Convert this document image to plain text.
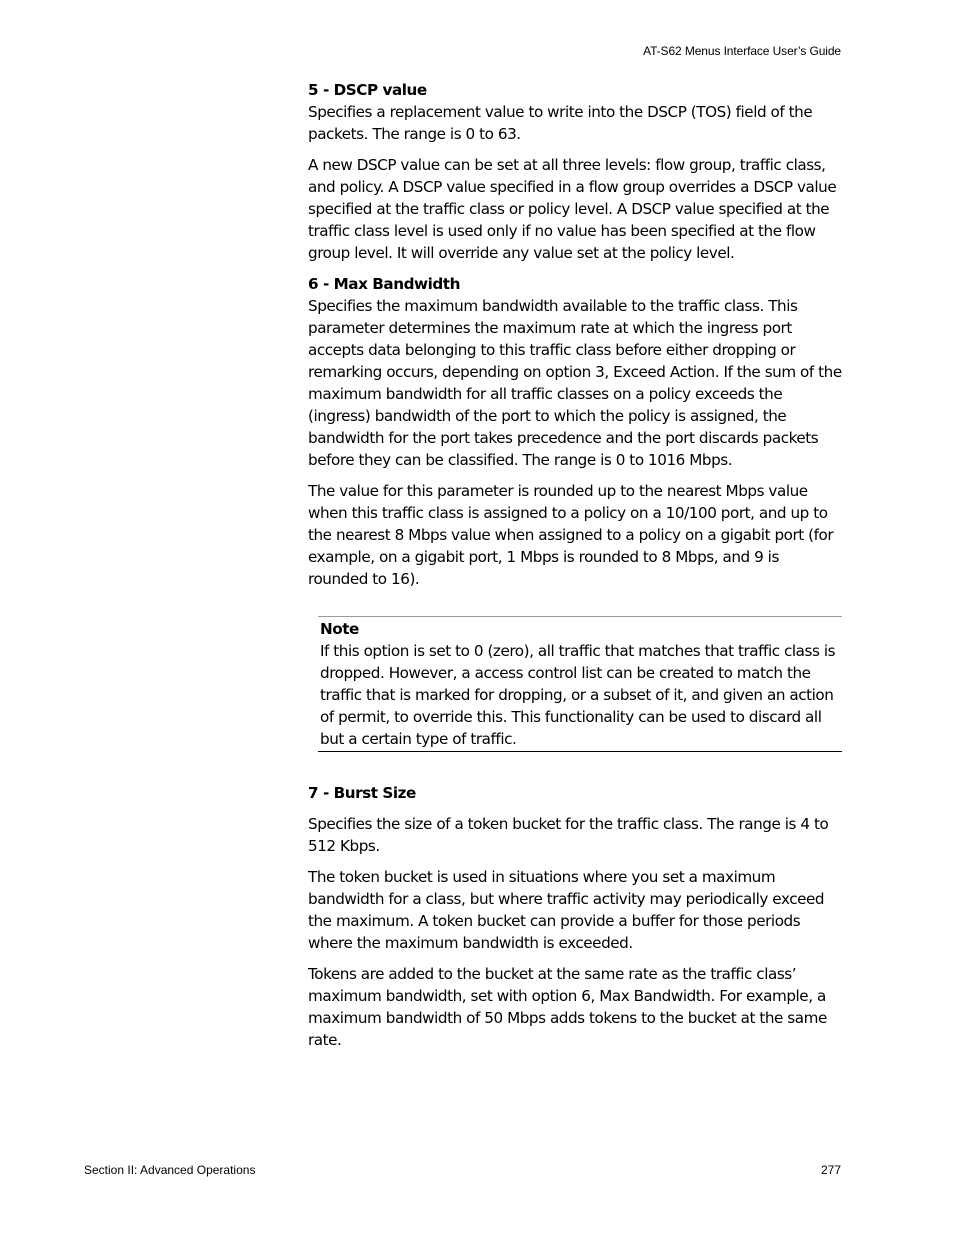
AT-S62 Menus Interface User’s Guide
5 - DSCP value

Specifies a replacement value to write into the DSCP (TOS) field of the packets. The range is 0 to 63.

A new DSCP value can be set at all three levels: flow group, traffic class, and policy. A DSCP value specified in a flow group overrides a DSCP value specified at the traffic class or policy level. A DSCP value specified at the traffic class level is used only if no value has been specified at the flow group level. It will override any value set at the policy level.

6 - Max Bandwidth

Specifies the maximum bandwidth available to the traffic class. This parameter determines the maximum rate at which the ingress port accepts data belonging to this traffic class before either dropping or remarking occurs, depending on option 3, Exceed Action. If the sum of the maximum bandwidth for all traffic classes on a policy exceeds the (ingress) bandwidth of the port to which the policy is assigned, the bandwidth for the port takes precedence and the port discards packets before they can be classified. The range is 0 to 1016 Mbps.

The value for this parameter is rounded up to the nearest Mbps value when this traffic class is assigned to a policy on a 10/100 port, and up to the nearest 8 Mbps value when assigned to a policy on a gigabit port (for example, on a gigabit port, 1 Mbps is rounded to 8 Mbps, and 9 is rounded to 16).

Note

If this option is set to 0 (zero), all traffic that matches that traffic class is dropped. However, a access control list can be created to match the traffic that is marked for dropping, or a subset of it, and given an action of permit, to override this. This functionality can be used to discard all but a certain type of traffic.

7 - Burst Size

Specifies the size of a token bucket for the traffic class. The range is 4 to 512 Kbps.

The token bucket is used in situations where you set a maximum bandwidth for a class, but where traffic activity may periodically exceed the maximum. A token bucket can provide a buffer for those periods where the maximum bandwidth is exceeded.

Tokens are added to the bucket at the same rate as the traffic class’ maximum bandwidth, set with option 6, Max Bandwidth. For example, a maximum bandwidth of 50 Mbps adds tokens to the bucket at the same rate.

Section II: Advanced Operations	277
